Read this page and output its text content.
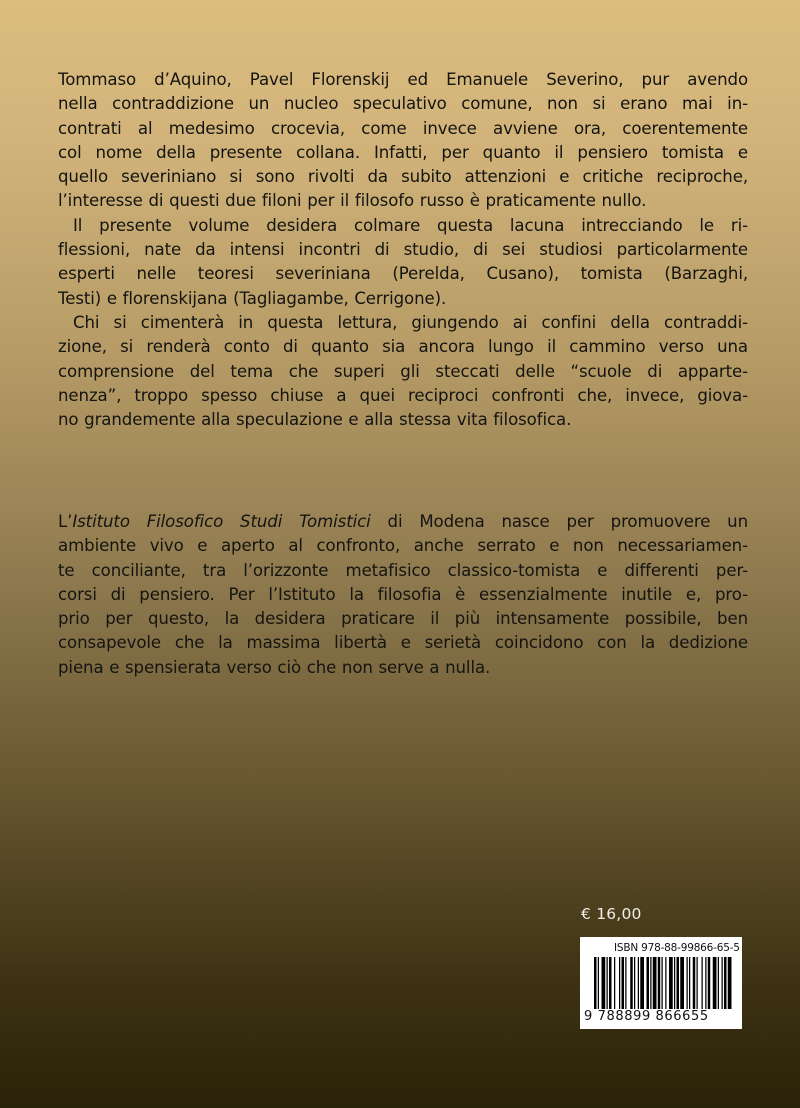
Tommaso d’Aquino, Pavel Florenskij ed Emanuele Severino, pur avendo
nella contraddizione un nucleo speculativo comune, non si erano mai in-
contrati al medesimo crocevia, come invece avviene ora, coerentemente
col nome della presente collana. Infatti, per quanto il pensiero tomista e
quello severiniano si sono rivolti da subito attenzioni e critiche reciproche,
l’interesse di questi due filoni per il filosofo russo è praticamente nullo.
Il presente volume desidera colmare questa lacuna intrecciando le ri-
flessioni, nate da intensi incontri di studio, di sei studiosi particolarmente
esperti nelle teoresi severiniana (Perelda, Cusano), tomista (Barzaghi,
Testi) e florenskijana (Tagliagambe, Cerrigone).
Chi si cimenterà in questa lettura, giungendo ai confini della contraddi-
zione, si renderà conto di quanto sia ancora lungo il cammino verso una
comprensione del tema che superi gli steccati delle “scuole di apparte-
nenza”, troppo spesso chiuse a quei reciproci confronti che, invece, giova-
no grandemente alla speculazione e alla stessa vita filosofica.
L’Istituto Filosofico Studi Tomistici di Modena nasce per promuovere un
ambiente vivo e aperto al confronto, anche serrato e non necessariamen-
te conciliante, tra l’orizzonte metafisico classico-tomista e differenti per-
corsi di pensiero. Per l’Istituto la filosofia è essenzialmente inutile e, pro-
prio per questo, la desidera praticare il più intensamente possibile, ben
consapevole che la massima libertà e serietà coincidono con la dedizione
piena e spensierata verso ciò che non serve a nulla.
€ 16,00
ISBN 978-88-99866-65-5
9 788899 866655
